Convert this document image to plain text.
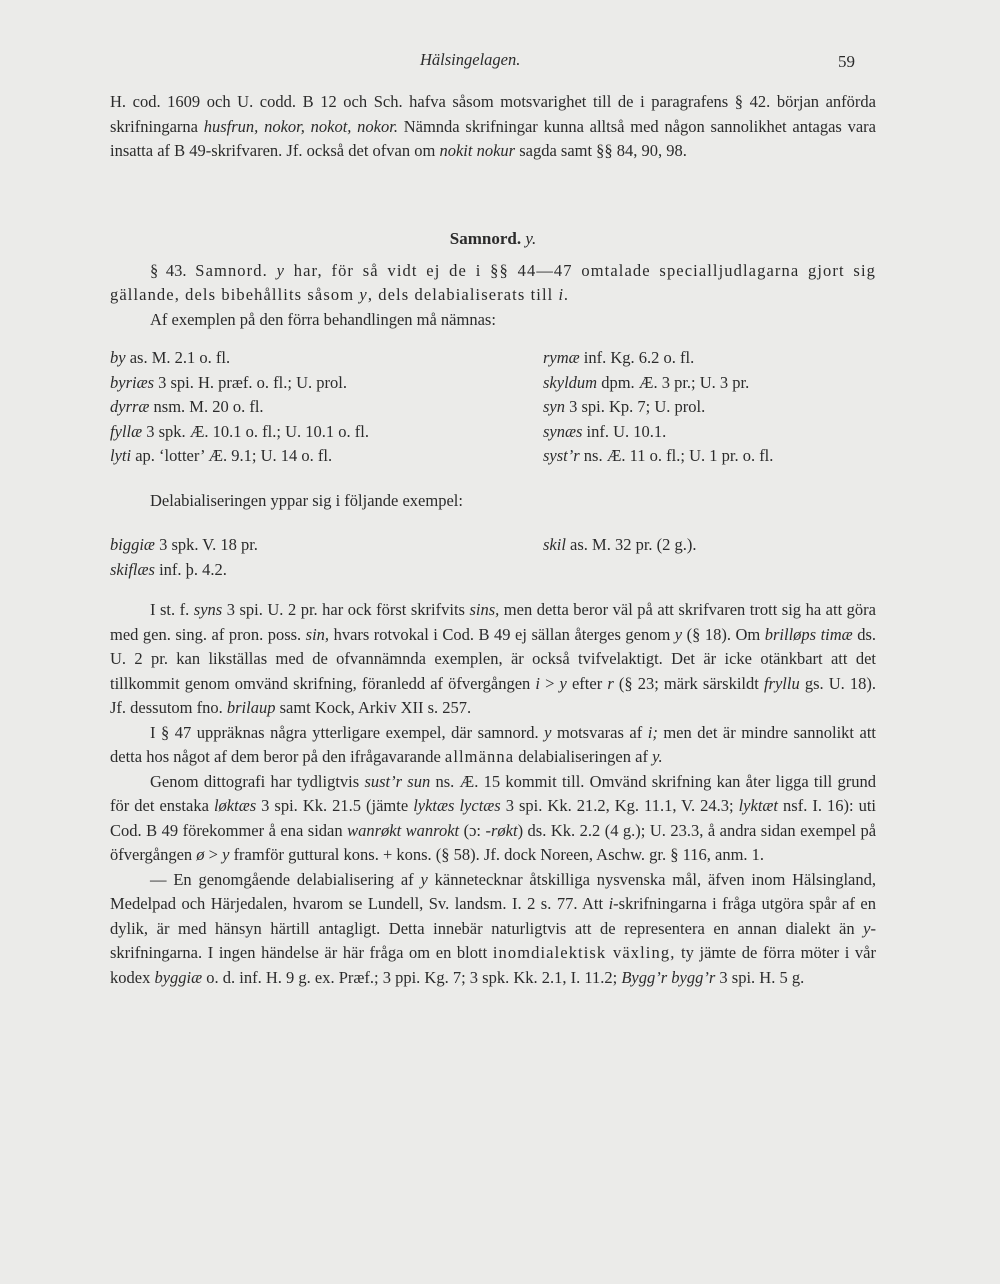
Hälsingelagen.	59

H. cod. 1609 och U. codd. B 12 och Sch. hafva såsom motsvarighet till de i paragrafens § 42. början anförda skrifningarna husfrun, nokor, nokot, nokor. Nämnda skrifningar kunna alltså med någon sannolikhet antagas vara insatta af B 49-skrifvaren. Jf. också det ofvan om nokit nokur sagda samt §§ 84, 90, 98.

Samnord. y.

§ 43. Samnord. y har, för så vidt ej de i §§ 44—47 omtalade specialljudlagarna gjort sig gällande, dels bibehållits såsom y, dels delabialiserats till i.

Af exemplen på den förra behandlingen må nämnas:

by as. M. 2.1 o. fl.	rymæ inf. Kg. 6.2 o. fl.
byriæs 3 spi. H. præf. o. fl.; U. prol.	skyldum dpm. Æ. 3 pr.; U. 3 pr.
dyrræ nsm. M. 20 o. fl.	syn 3 spi. Kp. 7; U. prol.
fyllæ 3 spk. Æ. 10.1 o. fl.; U. 10.1 o. fl.	synæs inf. U. 10.1.
lyti ap. ‘lotter’ Æ. 9.1; U. 14 o. fl.	syst’r ns. Æ. 11 o. fl.; U. 1 pr. o. fl.

Delabialiseringen yppar sig i följande exempel:

biggiæ 3 spk. V. 18 pr.	skil as. M. 32 pr. (2 g.).
skiflæs inf. þ. 4.2.

I st. f. syns 3 spi. U. 2 pr. har ock först skrifvits sins, men detta beror väl på att skrifvaren trott sig ha att göra med gen. sing. af pron. poss. sin, hvars rotvokal i Cod. B 49 ej sällan återges genom y (§ 18). Om brilløps timæ ds. U. 2 pr. kan likställas med de ofvannämnda exemplen, är också tvifvelaktigt. Det är icke otänkbart att det tillkommit genom omvänd skrifning, föranledd af öfvergången i > y efter r (§ 23; märk särskildt fryllu gs. U. 18). Jf. dessutom fno. brilaup samt Kock, Arkiv XII s. 257.

I § 47 uppräknas några ytterligare exempel, där samnord. y motsvaras af i; men det är mindre sannolikt att detta hos något af dem beror på den ifrågavarande allmänna delabialiseringen af y.

Genom dittografi har tydligtvis sust’r sun ns. Æ. 15 kommit till. Omvänd skrifning kan åter ligga till grund för det enstaka løktæs 3 spi. Kk. 21.5 (jämte lyktæs lyctæs 3 spi. Kk. 21.2, Kg. 11.1, V. 24.3; lyktæt nsf. I. 16): uti Cod. B 49 förekommer å ena sidan wanrøkt wanrokt (ɔ: -røkt) ds. Kk. 2.2 (4 g.); U. 23.3, å andra sidan exempel på öfvergången ø > y framför guttural kons. + kons. (§ 58). Jf. dock Noreen, Aschw. gr. § 116, anm. 1.

— En genomgående delabialisering af y kännetecknar åtskilliga nysvenska mål, äfven inom Hälsingland, Medelpad och Härjedalen, hvarom se Lundell, Sv. landsm. I. 2 s. 77. Att i-skrifningarna i fråga utgöra spår af en dylik, är med hänsyn härtill antagligt. Detta innebär naturligtvis att de representera en annan dialekt än y-skrifningarna. I ingen händelse är här fråga om en blott inomdialektisk växling, ty jämte de förra möter i vår kodex byggiæ o. d. inf. H. 9 g. ex. Præf.; 3 ppi. Kg. 7; 3 spk. Kk. 2.1, I. 11.2; Bygg’r bygg’r 3 spi. H. 5 g.
